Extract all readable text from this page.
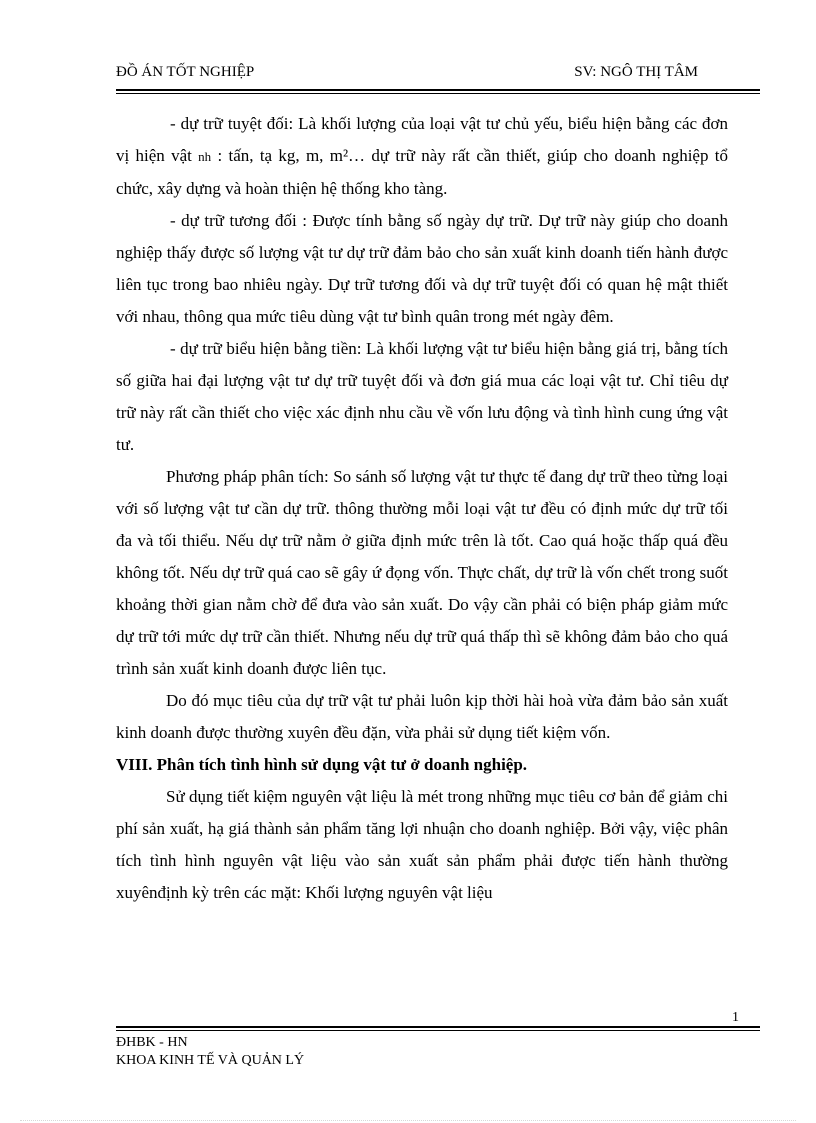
ĐỒ ÁN TỐT NGHIỆP	SV: NGÔ THỊ TÂM

- dự trữ tuyệt đối: Là khối lượng của loại vật tư chủ yếu, biểu hiện bằng các đơn vị hiện vật nh : tấn, tạ kg, m, m²… dự trữ này rất cần thiết, giúp cho doanh nghiệp tổ chức, xây dựng và hoàn thiện hệ thống kho tàng.

- dự trữ tương đối : Được tính bằng số ngày dự trữ. Dự trữ này giúp cho doanh nghiệp thấy được số lượng vật tư dự trữ đảm bảo cho sản xuất kinh doanh tiến hành được liên tục trong bao nhiêu ngày. Dự trữ tương đối và dự trữ tuyệt đối có quan hệ mật thiết với nhau, thông qua mức tiêu dùng vật tư bình quân trong mét ngày đêm.

- dự trữ biểu hiện bằng tiền: Là khối lượng vật tư biểu hiện bằng giá trị, bằng tích số giữa hai đại lượng vật tư dự trữ tuyệt đối và đơn giá mua các loại vật tư. Chỉ tiêu dự trữ này rất cần thiết cho việc xác định nhu cầu về vốn lưu động và tình hình cung ứng vật tư.

Phương pháp phân tích: So sánh số lượng vật tư thực tế đang dự trữ theo từng loại với số lượng vật tư cần dự trữ. thông thường mỗi loại vật tư đều có định mức dự trữ tối đa và tối thiểu. Nếu dự trữ nằm ở giữa định mức trên là tốt. Cao quá hoặc thấp quá đều không tốt. Nếu dự trữ quá cao sẽ gây ứ đọng vốn. Thực chất, dự trữ là vốn chết trong suốt khoảng thời gian nằm chờ để đưa vào sản xuất. Do vậy cần phải có biện pháp giảm mức dự trữ tới mức dự trữ cần thiết. Nhưng nếu dự trữ quá thấp thì sẽ không đảm bảo cho quá trình sản xuất kinh doanh được liên tục.

Do đó mục tiêu của dự trữ vật tư phải luôn kịp thời hài hoà vừa đảm bảo sản xuất kinh doanh được thường xuyên đều đặn, vừa phải sử dụng tiết kiệm vốn.

VIII. Phân tích tình hình sử dụng vật tư ở doanh nghiệp.

Sử dụng tiết kiệm nguyên vật liệu là mét trong những mục tiêu cơ bản để giảm chi phí sản xuất, hạ giá thành sản phẩm tăng lợi nhuận cho doanh nghiệp. Bởi vậy, việc phân tích tình hình nguyên vật liệu vào sản xuất sản phẩm phải được tiến hành thường xuyênđịnh kỳ trên các mặt: Khối lượng nguyên vật liệu

1
ĐHBK - HN
KHOA KINH TẾ VÀ QUẢN LÝ
